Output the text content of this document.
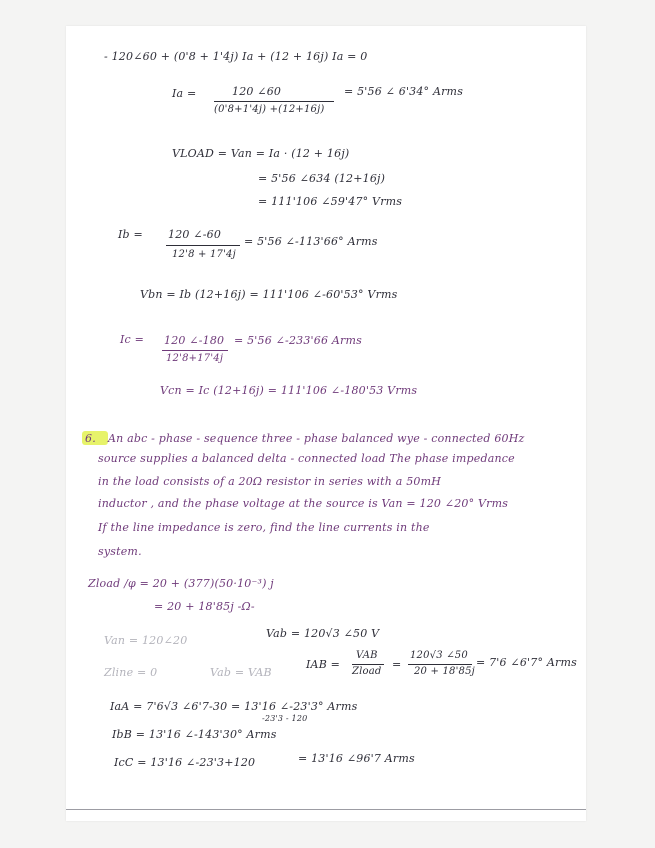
- 120∠60 + (0'8 + 1'4j) Ia + (12 + 16j) Ia = 0

Ia =	120 ∠60

(0'8+1'4j) +(12+16j)

= 5'56 ∠ 6'34° Arms

VLOAD = Van = Ia · (12 + 16j)

= 5'56 ∠634 (12+16j)

= 111'106 ∠59'47° Vrms

Ib = 120 ∠-60

12'8 + 17'4j

= 5'56 ∠-113'66° Arms

Vbn = Ib (12+16j) = 111'106 ∠-60'53° Vrms

Ic = 120 ∠-180

12'8+17'4j

= 5'56 ∠-233'66 Arms

Vcn = Ic (12+16j) = 111'106 ∠-180'53 Vrms

6. An abc - phase - sequence three - phase balanced wye - connected 60Hz

source supplies a balanced delta - connected load The phase impedance

in the load consists of a 20Ω resistor in series with a 50mH

inductor , and the phase voltage at the source is Van = 120 ∠20° Vrms

If the line impedance is zero, find the line currents in the

system.

Zload /φ = 20 + (377)(50·10⁻³) j

= 20 + 18'85j -Ω-

Van = 120∠20

Vab = 120√3 ∠50 V

Zline = 0	Vab = VAB

IAB =

VAB

Zload

=

120√3 ∠50

20 + 18'85j

= 7'6 ∠6'7° Arms

IaA = 7'6√3 ∠6'7-30 = 13'16 ∠-23'3° Arms

-23'3 - 120

IbB = 13'16 ∠-143'30° Arms

IcC = 13'16 ∠-23'3+120	= 13'16 ∠96'7 Arms
